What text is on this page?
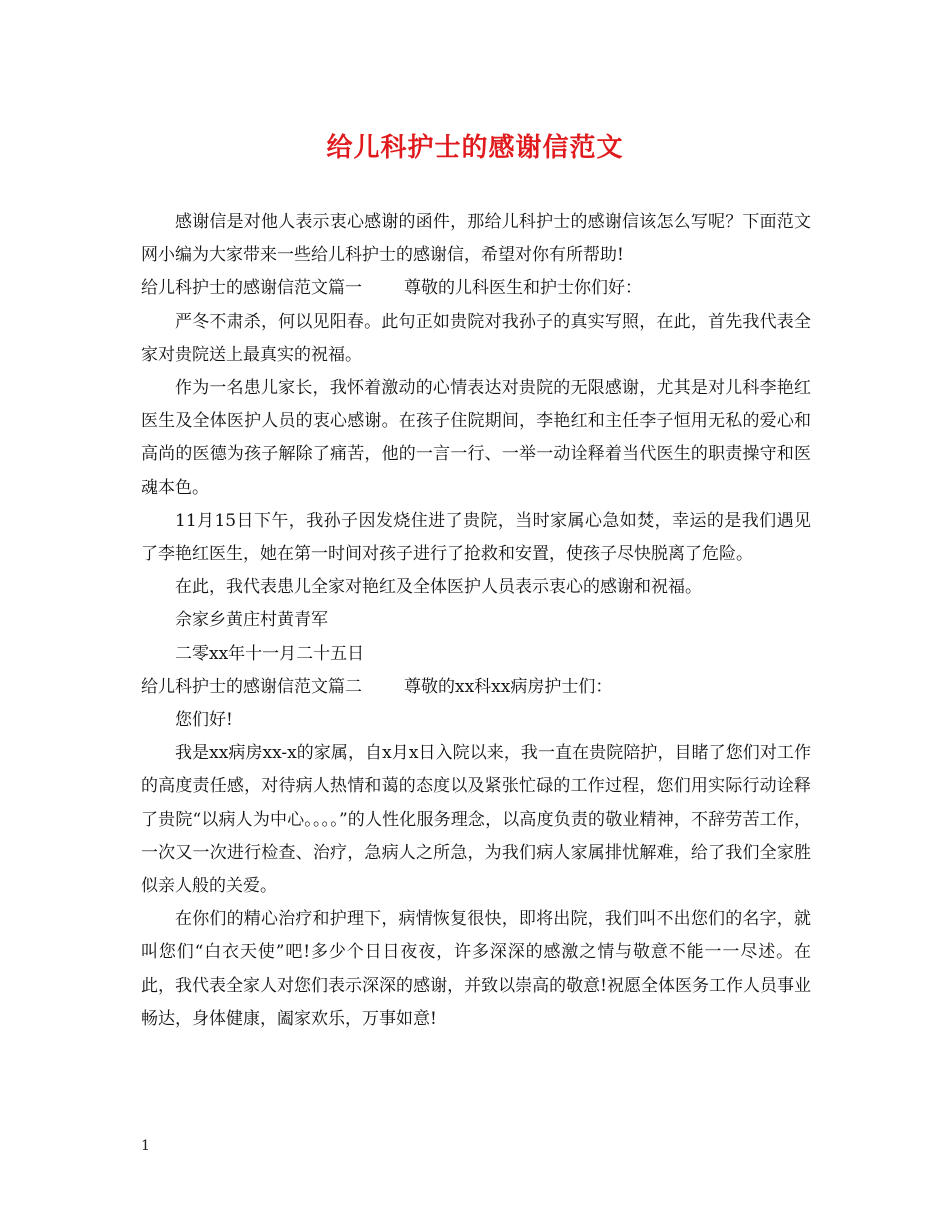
给儿科护士的感谢信范文

感谢信是对他人表示衷心感谢的函件，那给儿科护士的感谢信该怎么写呢？下面范文网小编为大家带来一些给儿科护士的感谢信，希望对你有所帮助!

给儿科护士的感谢信范文篇一 尊敬的儿科医生和护士你们好：

严冬不肃杀，何以见阳春。此句正如贵院对我孙子的真实写照，在此，首先我代表全家对贵院送上最真实的祝福。

作为一名患儿家长，我怀着激动的心情表达对贵院的无限感谢，尤其是对儿科李艳红医生及全体医护人员的衷心感谢。在孩子住院期间，李艳红和主任李子恒用无私的爱心和高尚的医德为孩子解除了痛苦，他的一言一行、一举一动诠释着当代医生的职责操守和医魂本色。

11月15日下午，我孙子因发烧住进了贵院，当时家属心急如焚，幸运的是我们遇见了李艳红医生，她在第一时间对孩子进行了抢救和安置，使孩子尽快脱离了危险。

在此，我代表患儿全家对艳红及全体医护人员表示衷心的感谢和祝福。

佘家乡黄庄村黄青军

二零xx年十一月二十五日

给儿科护士的感谢信范文篇二 尊敬的xx科xx病房护士们：

您们好!

我是xx病房xx-x的家属，自x月x日入院以来，我一直在贵院陪护，目睹了您们对工作的高度责任感，对待病人热情和蔼的态度以及紧张忙碌的工作过程，您们用实际行动诠释了贵院“以病人为中心。。。。”的人性化服务理念，以高度负责的敬业精神，不辞劳苦工作，一次又一次进行检查、治疗，急病人之所急，为我们病人家属排忧解难，给了我们全家胜似亲人般的关爱。

在你们的精心治疗和护理下，病情恢复很快，即将出院，我们叫不出您们的名字，就叫您们“白衣天使”吧!多少个日日夜夜，许多深深的感激之情与敬意不能一一尽述。在此，我代表全家人对您们表示深深的感谢，并致以崇高的敬意!祝愿全体医务工作人员事业畅达，身体健康，阖家欢乐，万事如意!

1
